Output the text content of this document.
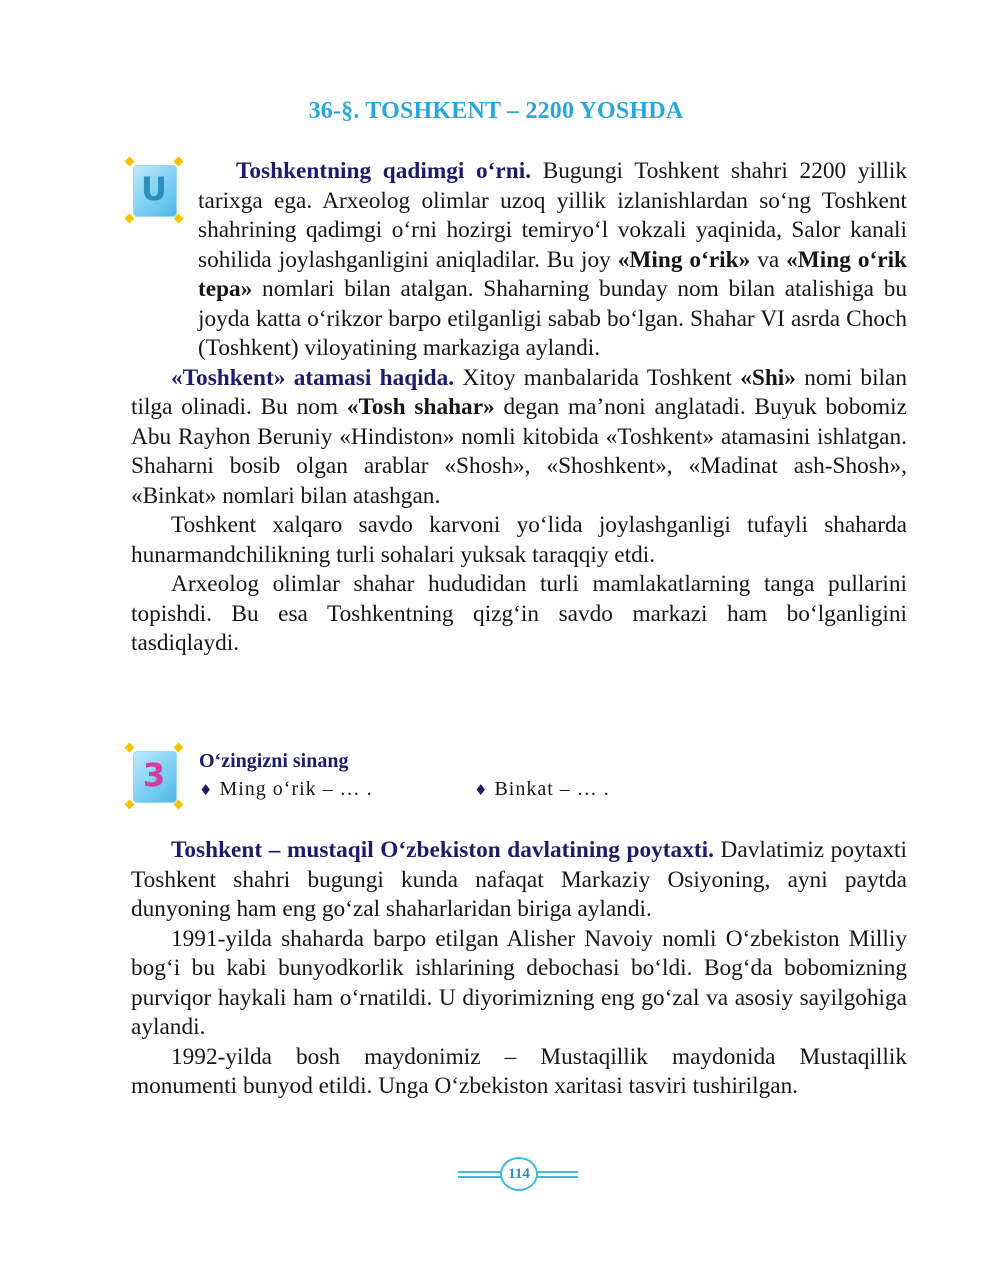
36-§. TOSHKENT – 2200 YOSHDA
U	Toshkentning qadimgi o‘rni. Bugungi Toshkent shahri 2200 yillik tarixga ega. Arxeolog olimlar uzoq yillik izlanishlardan so‘ng Toshkent shahrining qadimgi o‘rni hozirgi temiryo‘l vokzali yaqinida, Salor kanali sohilida joylashganligini aniqladilar. Bu joy «Ming o‘rik» va «Ming o‘rik tepa» nomlari bilan atalgan. Shaharning bunday nom bilan atalishiga bu joyda katta o‘rikzor barpo etilganligi sabab bo‘lgan. Shahar VI asrda Choch (Toshkent) viloyatining markaziga aylandi.

«Toshkent» atamasi haqida. Xitoy manbalarida Toshkent «Shi» nomi bilan tilga olinadi. Bu nom «Tosh shahar» degan ma’noni anglatadi. Buyuk bobomiz Abu Rayhon Beruniy «Hindiston» nomli kitobida «Toshkent» atamasini ishlatgan. Shaharni bosib olgan arablar «Shosh», «Shoshkent», «Madinat ash-Shosh», «Binkat» nomlari bilan atashgan.

Toshkent xalqaro savdo karvoni yo‘lida joylashganligi tufayli shaharda hunarmandchilikning turli sohalari yuksak taraqqiy etdi.

Arxeolog olimlar shahar hududidan turli mamlakatlarning tanga pullarini topishdi. Bu esa Toshkentning qizg‘in savdo markazi ham bo‘lganligini tasdiqlaydi.

3	O‘zingizni sinang
♦ Ming o‘rik – … .	♦ Binkat – … .

Toshkent – mustaqil O‘zbekiston davlatining poytaxti. Davlatimiz poytaxti Toshkent shahri bugungi kunda nafaqat Markaziy Osiyoning, ayni paytda dunyoning ham eng go‘zal shaharlaridan biriga aylandi.

1991-yilda shaharda barpo etilgan Alisher Navoiy nomli O‘zbekiston Milliy bog‘i bu kabi bunyodkorlik ishlarining debochasi bo‘ldi. Bog‘da bobomizning purviqor haykali ham o‘rnatildi. U diyorimizning eng go‘zal va asosiy sayilgohiga aylandi.

1992-yilda bosh maydonimiz – Mustaqillik maydonida Mustaqillik monumenti bunyod etildi. Unga O‘zbekiston xaritasi tasviri tushirilgan.

114
